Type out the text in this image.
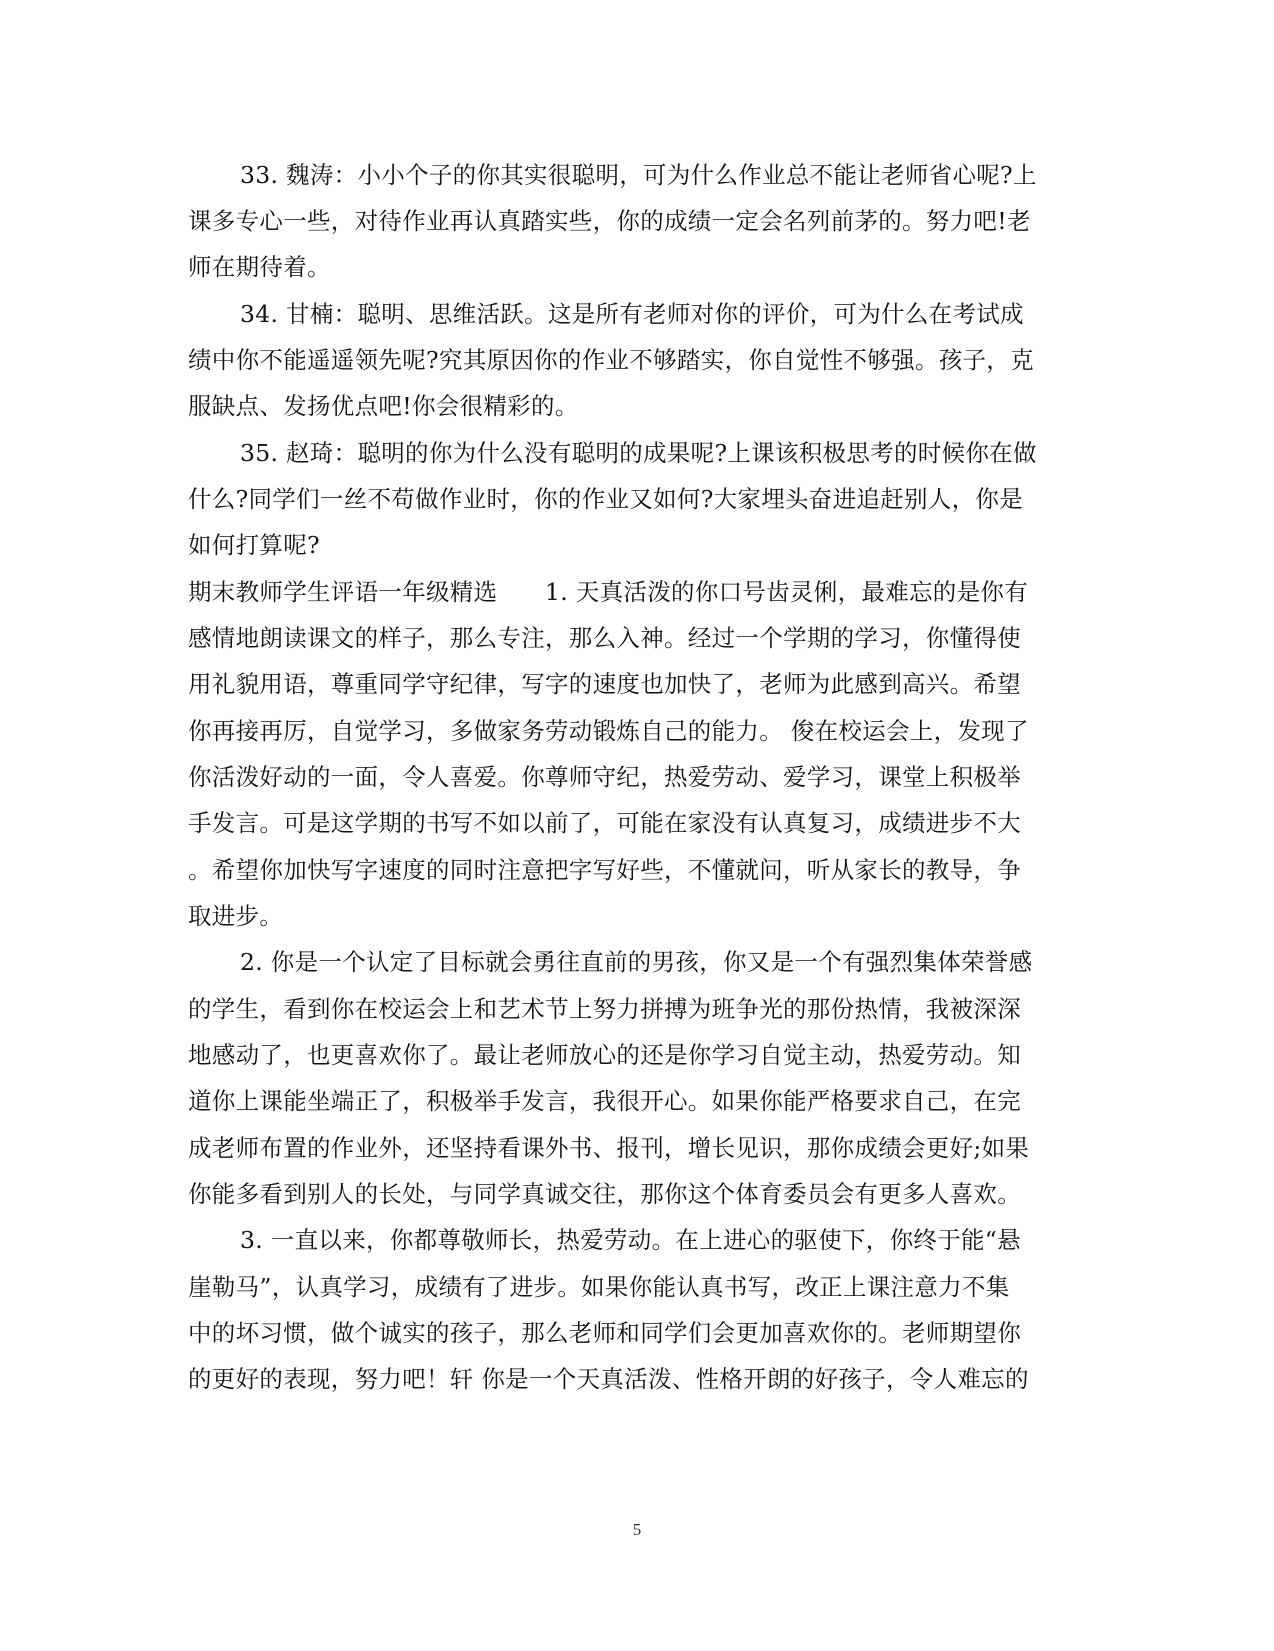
33. 魏涛：小小个子的你其实很聪明，可为什么作业总不能让老师省心呢?上
课多专心一些，对待作业再认真踏实些，你的成绩一定会名列前茅的。努力吧!老
师在期待着。
34. 甘楠：聪明、思维活跃。这是所有老师对你的评价，可为什么在考试成
绩中你不能遥遥领先呢?究其原因你的作业不够踏实，你自觉性不够强。孩子，克
服缺点、发扬优点吧!你会很精彩的。
35. 赵琦：聪明的你为什么没有聪明的成果呢?上课该积极思考的时候你在做
什么?同学们一丝不苟做作业时，你的作业又如何?大家埋头奋进追赶别人，你是
如何打算呢?
期末教师学生评语一年级精选　　1. 天真活泼的你口号齿灵俐，最难忘的是你有
感情地朗读课文的样子，那么专注，那么入神。经过一个学期的学习，你懂得使
用礼貌用语，尊重同学守纪律，写字的速度也加快了，老师为此感到高兴。希望
你再接再厉，自觉学习，多做家务劳动锻炼自己的能力。 俊在校运会上，发现了
你活泼好动的一面，令人喜爱。你尊师守纪，热爱劳动、爱学习，课堂上积极举
手发言。可是这学期的书写不如以前了，可能在家没有认真复习，成绩进步不大
。希望你加快写字速度的同时注意把字写好些，不懂就问，听从家长的教导，争
取进步。
2. 你是一个认定了目标就会勇往直前的男孩，你又是一个有强烈集体荣誉感
的学生，看到你在校运会上和艺术节上努力拼搏为班争光的那份热情，我被深深
地感动了，也更喜欢你了。最让老师放心的还是你学习自觉主动，热爱劳动。知
道你上课能坐端正了，积极举手发言，我很开心。如果你能严格要求自己，在完
成老师布置的作业外，还坚持看课外书、报刊，增长见识，那你成绩会更好;如果
你能多看到别人的长处，与同学真诚交往，那你这个体育委员会有更多人喜欢。
3. 一直以来，你都尊敬师长，热爱劳动。在上进心的驱使下，你终于能“悬
崖勒马”，认真学习，成绩有了进步。如果你能认真书写，改正上课注意力不集
中的坏习惯，做个诚实的孩子，那么老师和同学们会更加喜欢你的。老师期望你
的更好的表现，努力吧！轩 你是一个天真活泼、性格开朗的好孩子，令人难忘的
5
